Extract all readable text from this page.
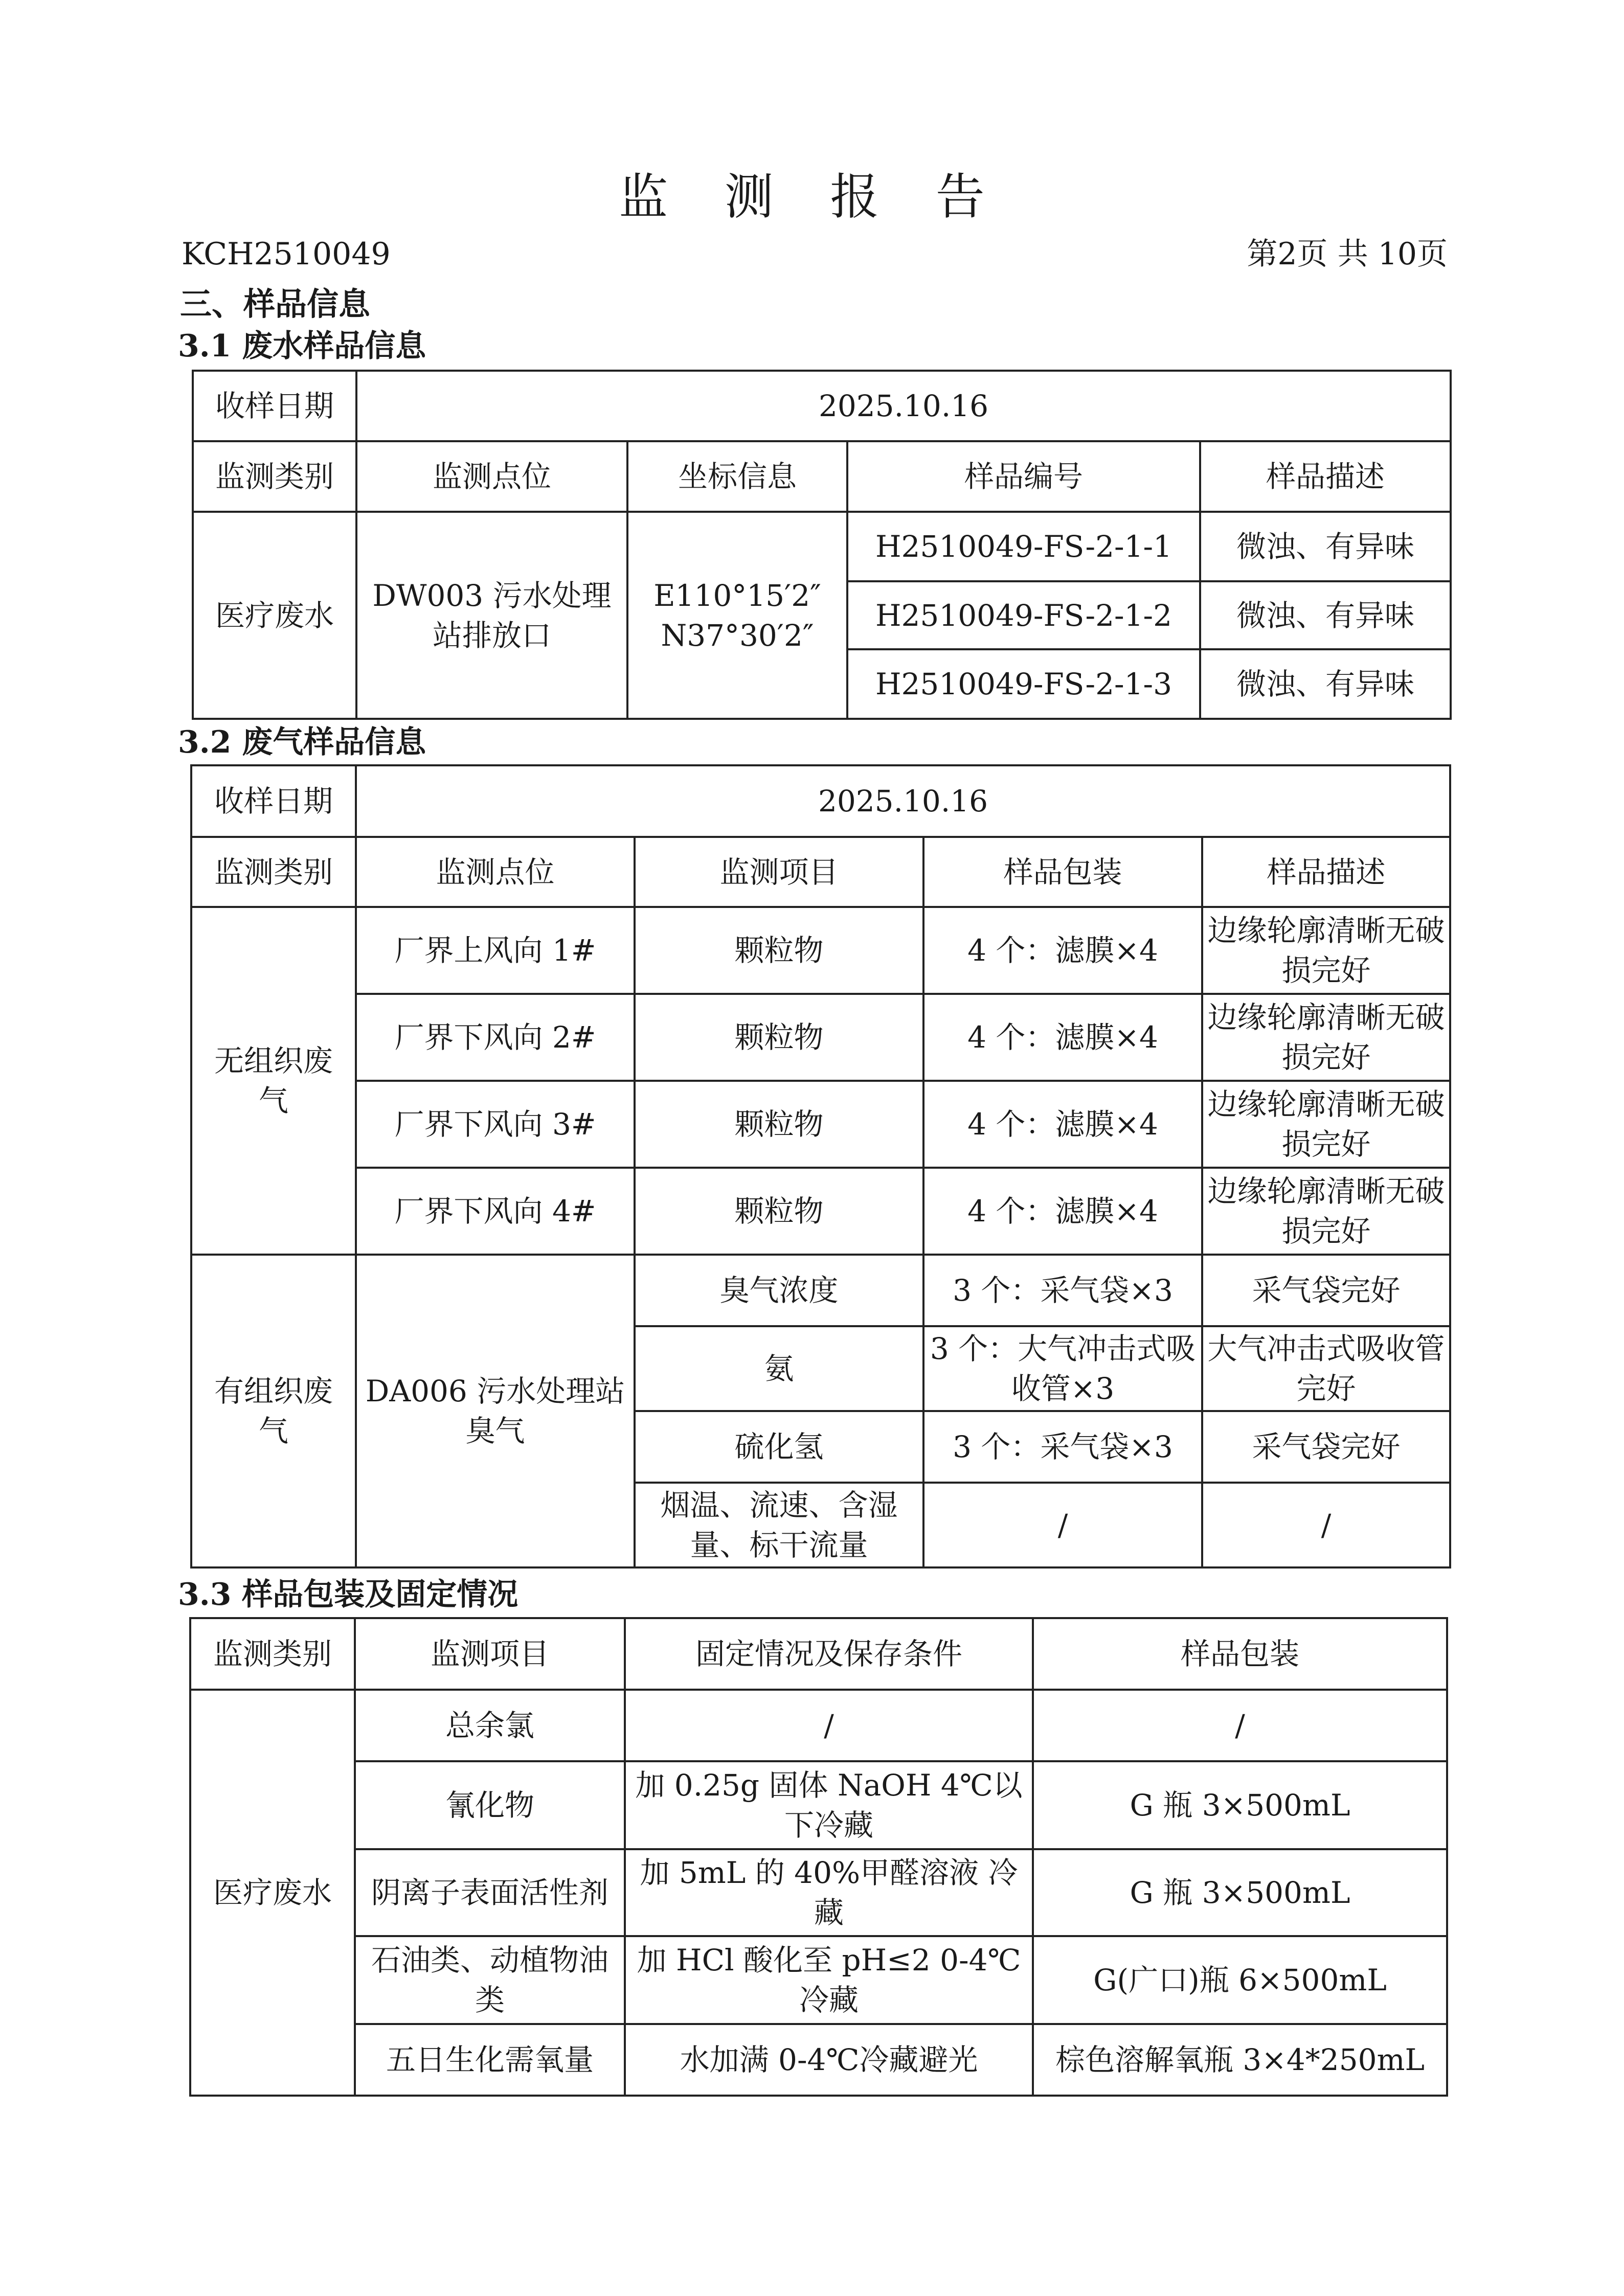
监 测 报 告
KCH2510049	第2页 共 10页
三、样品信息
3.1 废水样品信息
收样日期	2025.10.16			
监测类别	监测点位	坐标信息	样品编号	样品描述
医疗废水	DW003 污水处理站排放口	E110°15′2″ N37°30′2″	H2510049-FS-2-1-1	微浊、有异味
			H2510049-FS-2-1-2	微浊、有异味
			H2510049-FS-2-1-3	微浊、有异味
3.2 废气样品信息
收样日期	2025.10.16			
监测类别	监测点位	监测项目	样品包装	样品描述
无组织废气	厂界上风向 1#	颗粒物	4 个：滤膜×4	边缘轮廓清晰无破损完好
	厂界下风向 2#	颗粒物	4 个：滤膜×4	边缘轮廓清晰无破损完好
	厂界下风向 3#	颗粒物	4 个：滤膜×4	边缘轮廓清晰无破损完好
	厂界下风向 4#	颗粒物	4 个：滤膜×4	边缘轮廓清晰无破损完好
有组织废气	DA006 污水处理站臭气	臭气浓度	3 个：采气袋×3	采气袋完好
		氨	3 个：大气冲击式吸收管×3	大气冲击式吸收管完好
		硫化氢	3 个：采气袋×3	采气袋完好
		烟温、流速、含湿量、标干流量	/	/
3.3 样品包装及固定情况
监测类别	监测项目	固定情况及保存条件	样品包装
医疗废水	总余氯	/	/
	氰化物	加 0.25g 固体 NaOH 4℃以下冷藏	G 瓶 3×500mL
	阴离子表面活性剂	加 5mL 的 40%甲醛溶液 冷藏	G 瓶 3×500mL
	石油类、动植物油类	加 HCl 酸化至 pH≤2 0-4℃冷藏	G(广口)瓶 6×500mL
	五日生化需氧量	水加满 0-4℃冷藏避光	棕色溶解氧瓶 3×4*250mL
